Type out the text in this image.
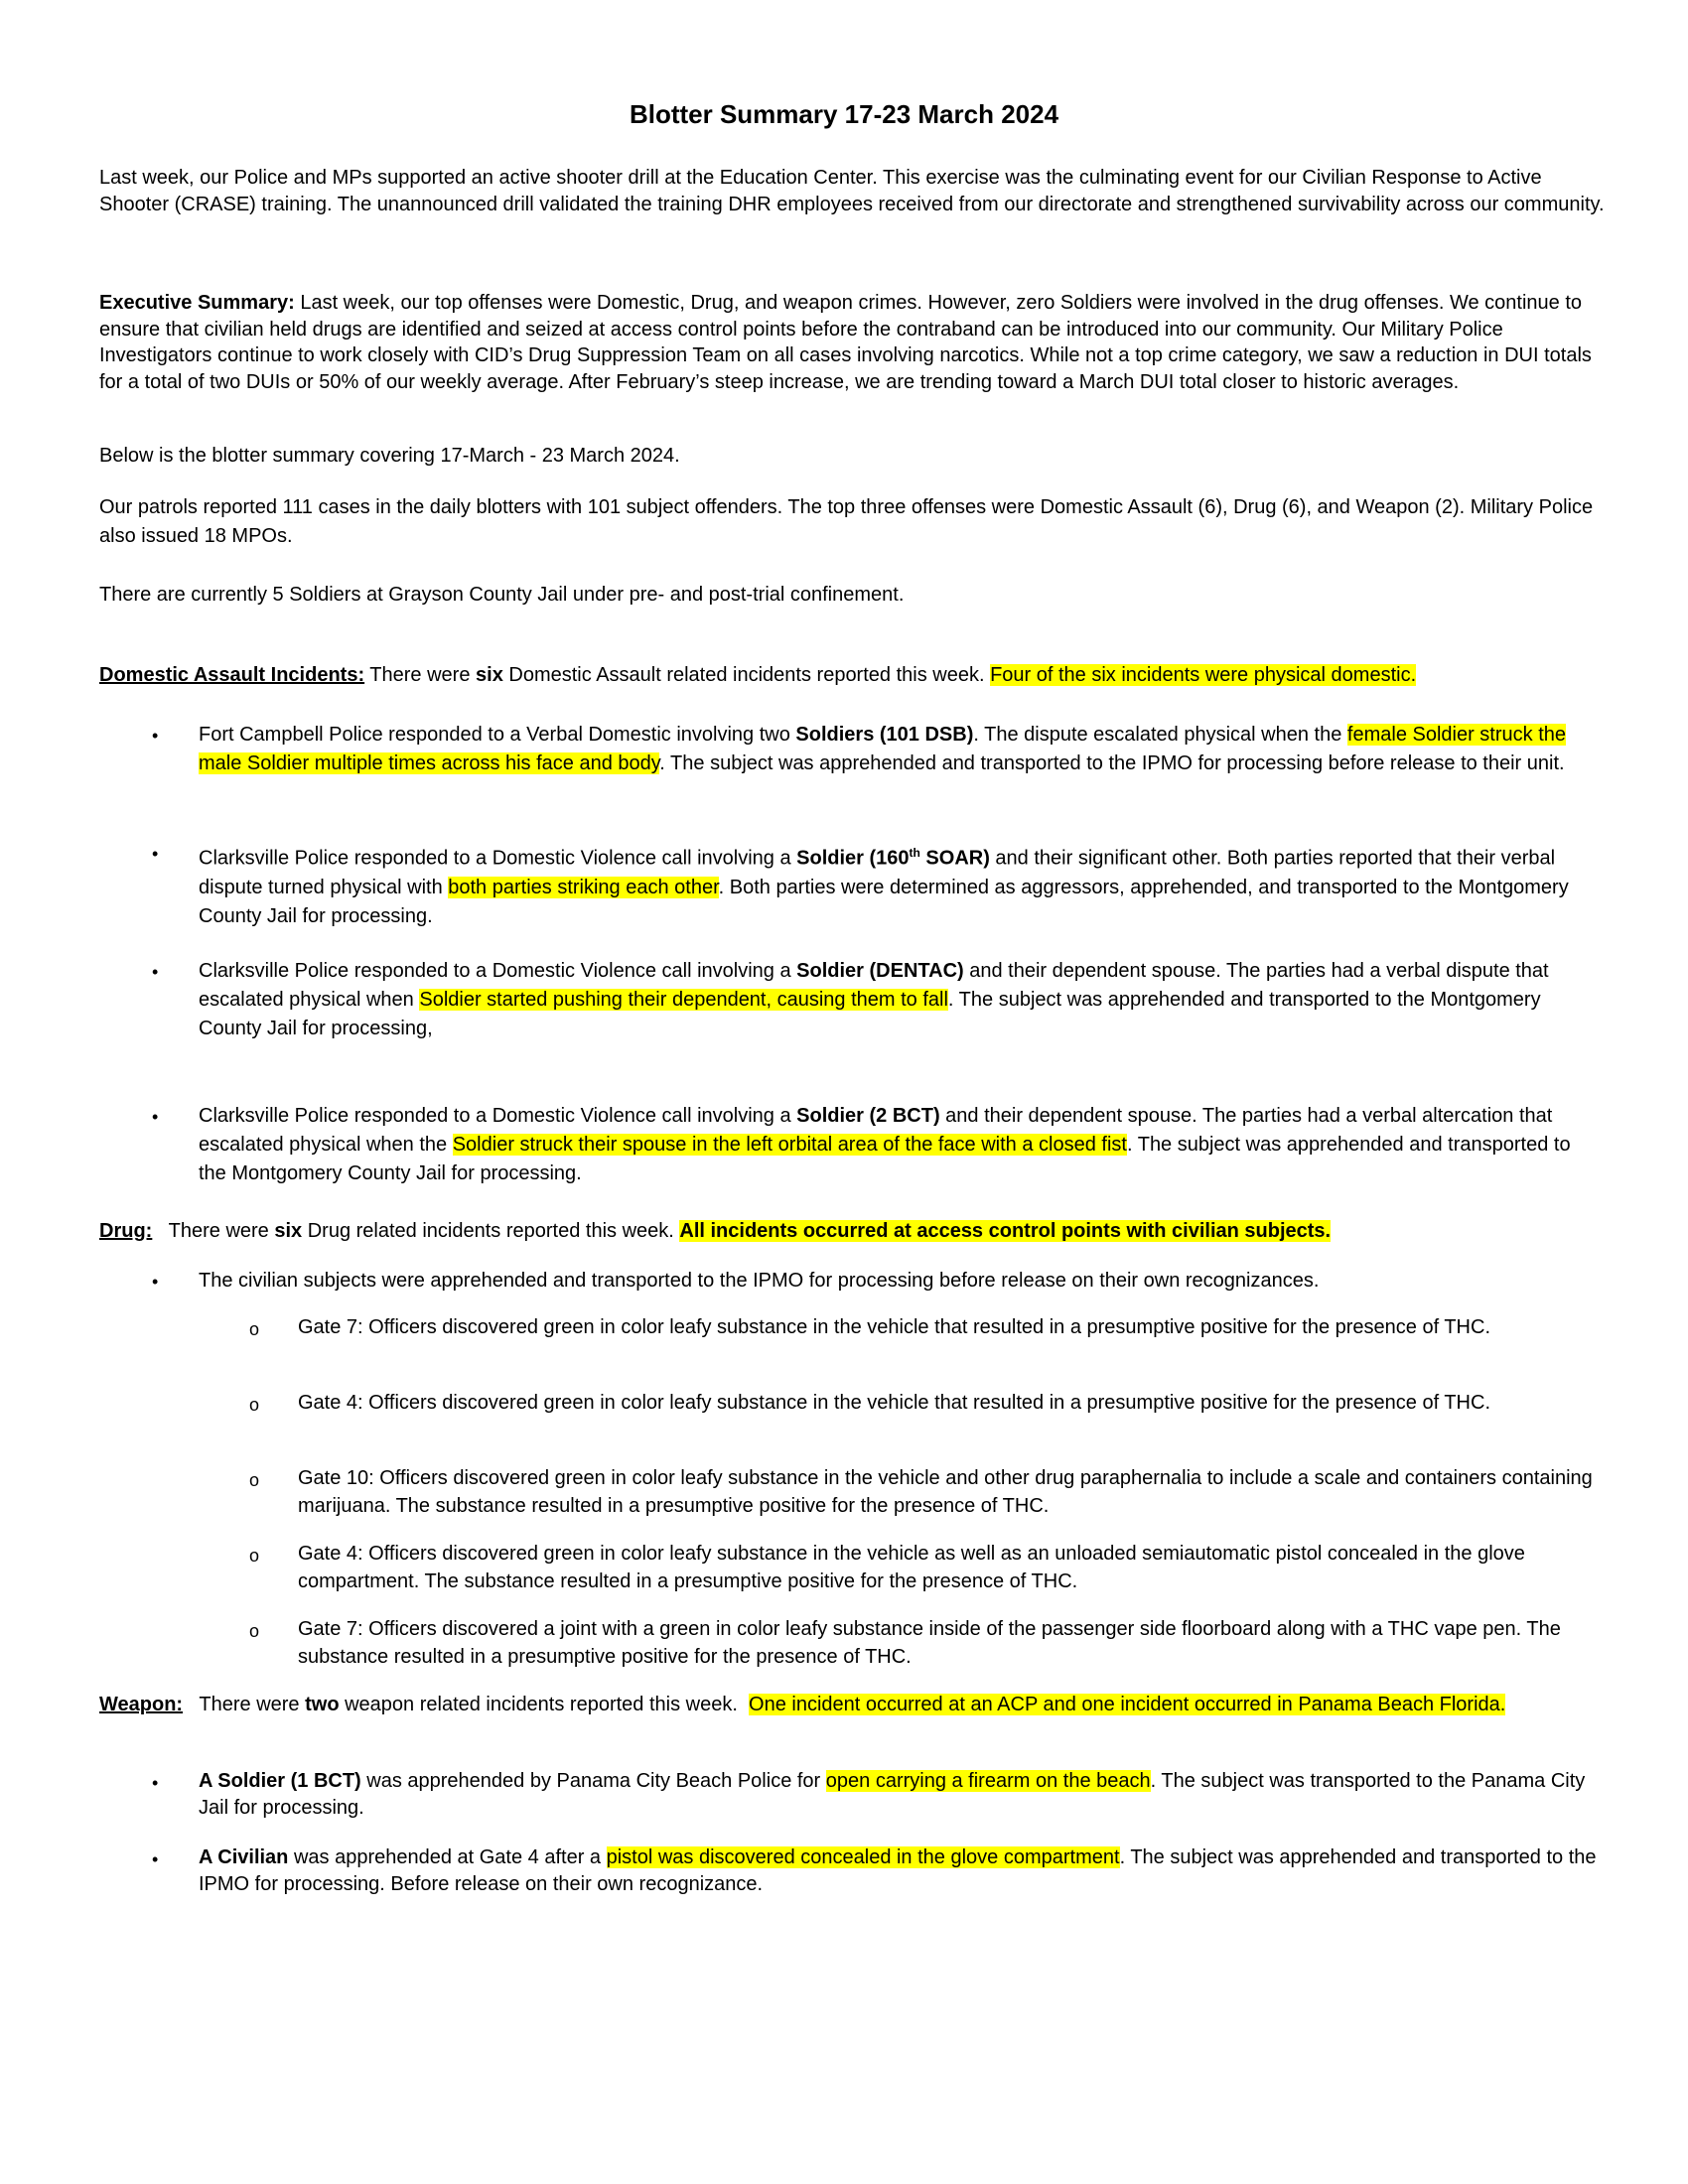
Blotter Summary 17-23 March 2024

Last week, our Police and MPs supported an active shooter drill at the Education Center. This exercise was the culminating event for our Civilian Response to Active Shooter (CRASE) training. The unannounced drill validated the training DHR employees received from our directorate and strengthened survivability across our community.

Executive Summary: Last week, our top offenses were Domestic, Drug, and weapon crimes. However, zero Soldiers were involved in the drug offenses. We continue to ensure that civilian held drugs are identified and seized at access control points before the contraband can be introduced into our community. Our Military Police Investigators continue to work closely with CID’s Drug Suppression Team on all cases involving narcotics. While not a top crime category, we saw a reduction in DUI totals for a total of two DUIs or 50% of our weekly average. After February’s steep increase, we are trending toward a March DUI total closer to historic averages.

Below is the blotter summary covering 17-March - 23 March 2024.

Our patrols reported 111 cases in the daily blotters with 101 subject offenders. The top three offenses were Domestic Assault (6), Drug (6), and Weapon (2). Military Police also issued 18 MPOs.

There are currently 5 Soldiers at Grayson County Jail under pre- and post-trial confinement.

Domestic Assault Incidents: There were six Domestic Assault related incidents reported this week. Four of the six incidents were physical domestic.

• Fort Campbell Police responded to a Verbal Domestic involving two Soldiers (101 DSB). The dispute escalated physical when the female Soldier struck the male Soldier multiple times across his face and body. The subject was apprehended and transported to the IPMO for processing before release to their unit.

• Clarksville Police responded to a Domestic Violence call involving a Soldier (160th SOAR) and their significant other. Both parties reported that their verbal dispute turned physical with both parties striking each other. Both parties were determined as aggressors, apprehended, and transported to the Montgomery County Jail for processing.

• Clarksville Police responded to a Domestic Violence call involving a Soldier (DENTAC) and their dependent spouse. The parties had a verbal dispute that escalated physical when Soldier started pushing their dependent, causing them to fall. The subject was apprehended and transported to the Montgomery County Jail for processing,

• Clarksville Police responded to a Domestic Violence call involving a Soldier (2 BCT) and their dependent spouse. The parties had a verbal altercation that escalated physical when the Soldier struck their spouse in the left orbital area of the face with a closed fist. The subject was apprehended and transported to the Montgomery County Jail for processing.

Drug:   There were six Drug related incidents reported this week. All incidents occurred at access control points with civilian subjects.

• The civilian subjects were apprehended and transported to the IPMO for processing before release on their own recognizances.

o Gate 7: Officers discovered green in color leafy substance in the vehicle that resulted in a presumptive positive for the presence of THC.

o Gate 4: Officers discovered green in color leafy substance in the vehicle that resulted in a presumptive positive for the presence of THC.

o Gate 10: Officers discovered green in color leafy substance in the vehicle and other drug paraphernalia to include a scale and containers containing marijuana. The substance resulted in a presumptive positive for the presence of THC.

o Gate 4: Officers discovered green in color leafy substance in the vehicle as well as an unloaded semiautomatic pistol concealed in the glove compartment. The substance resulted in a presumptive positive for the presence of THC.

o Gate 7: Officers discovered a joint with a green in color leafy substance inside of the passenger side floorboard along with a THC vape pen. The substance resulted in a presumptive positive for the presence of THC.

Weapon:   There were two weapon related incidents reported this week.  One incident occurred at an ACP and one incident occurred in Panama Beach Florida.

• A Soldier (1 BCT) was apprehended by Panama City Beach Police for open carrying a firearm on the beach. The subject was transported to the Panama City Jail for processing.

• A Civilian was apprehended at Gate 4 after a pistol was discovered concealed in the glove compartment. The subject was apprehended and transported to the IPMO for processing. Before release on their own recognizance.
